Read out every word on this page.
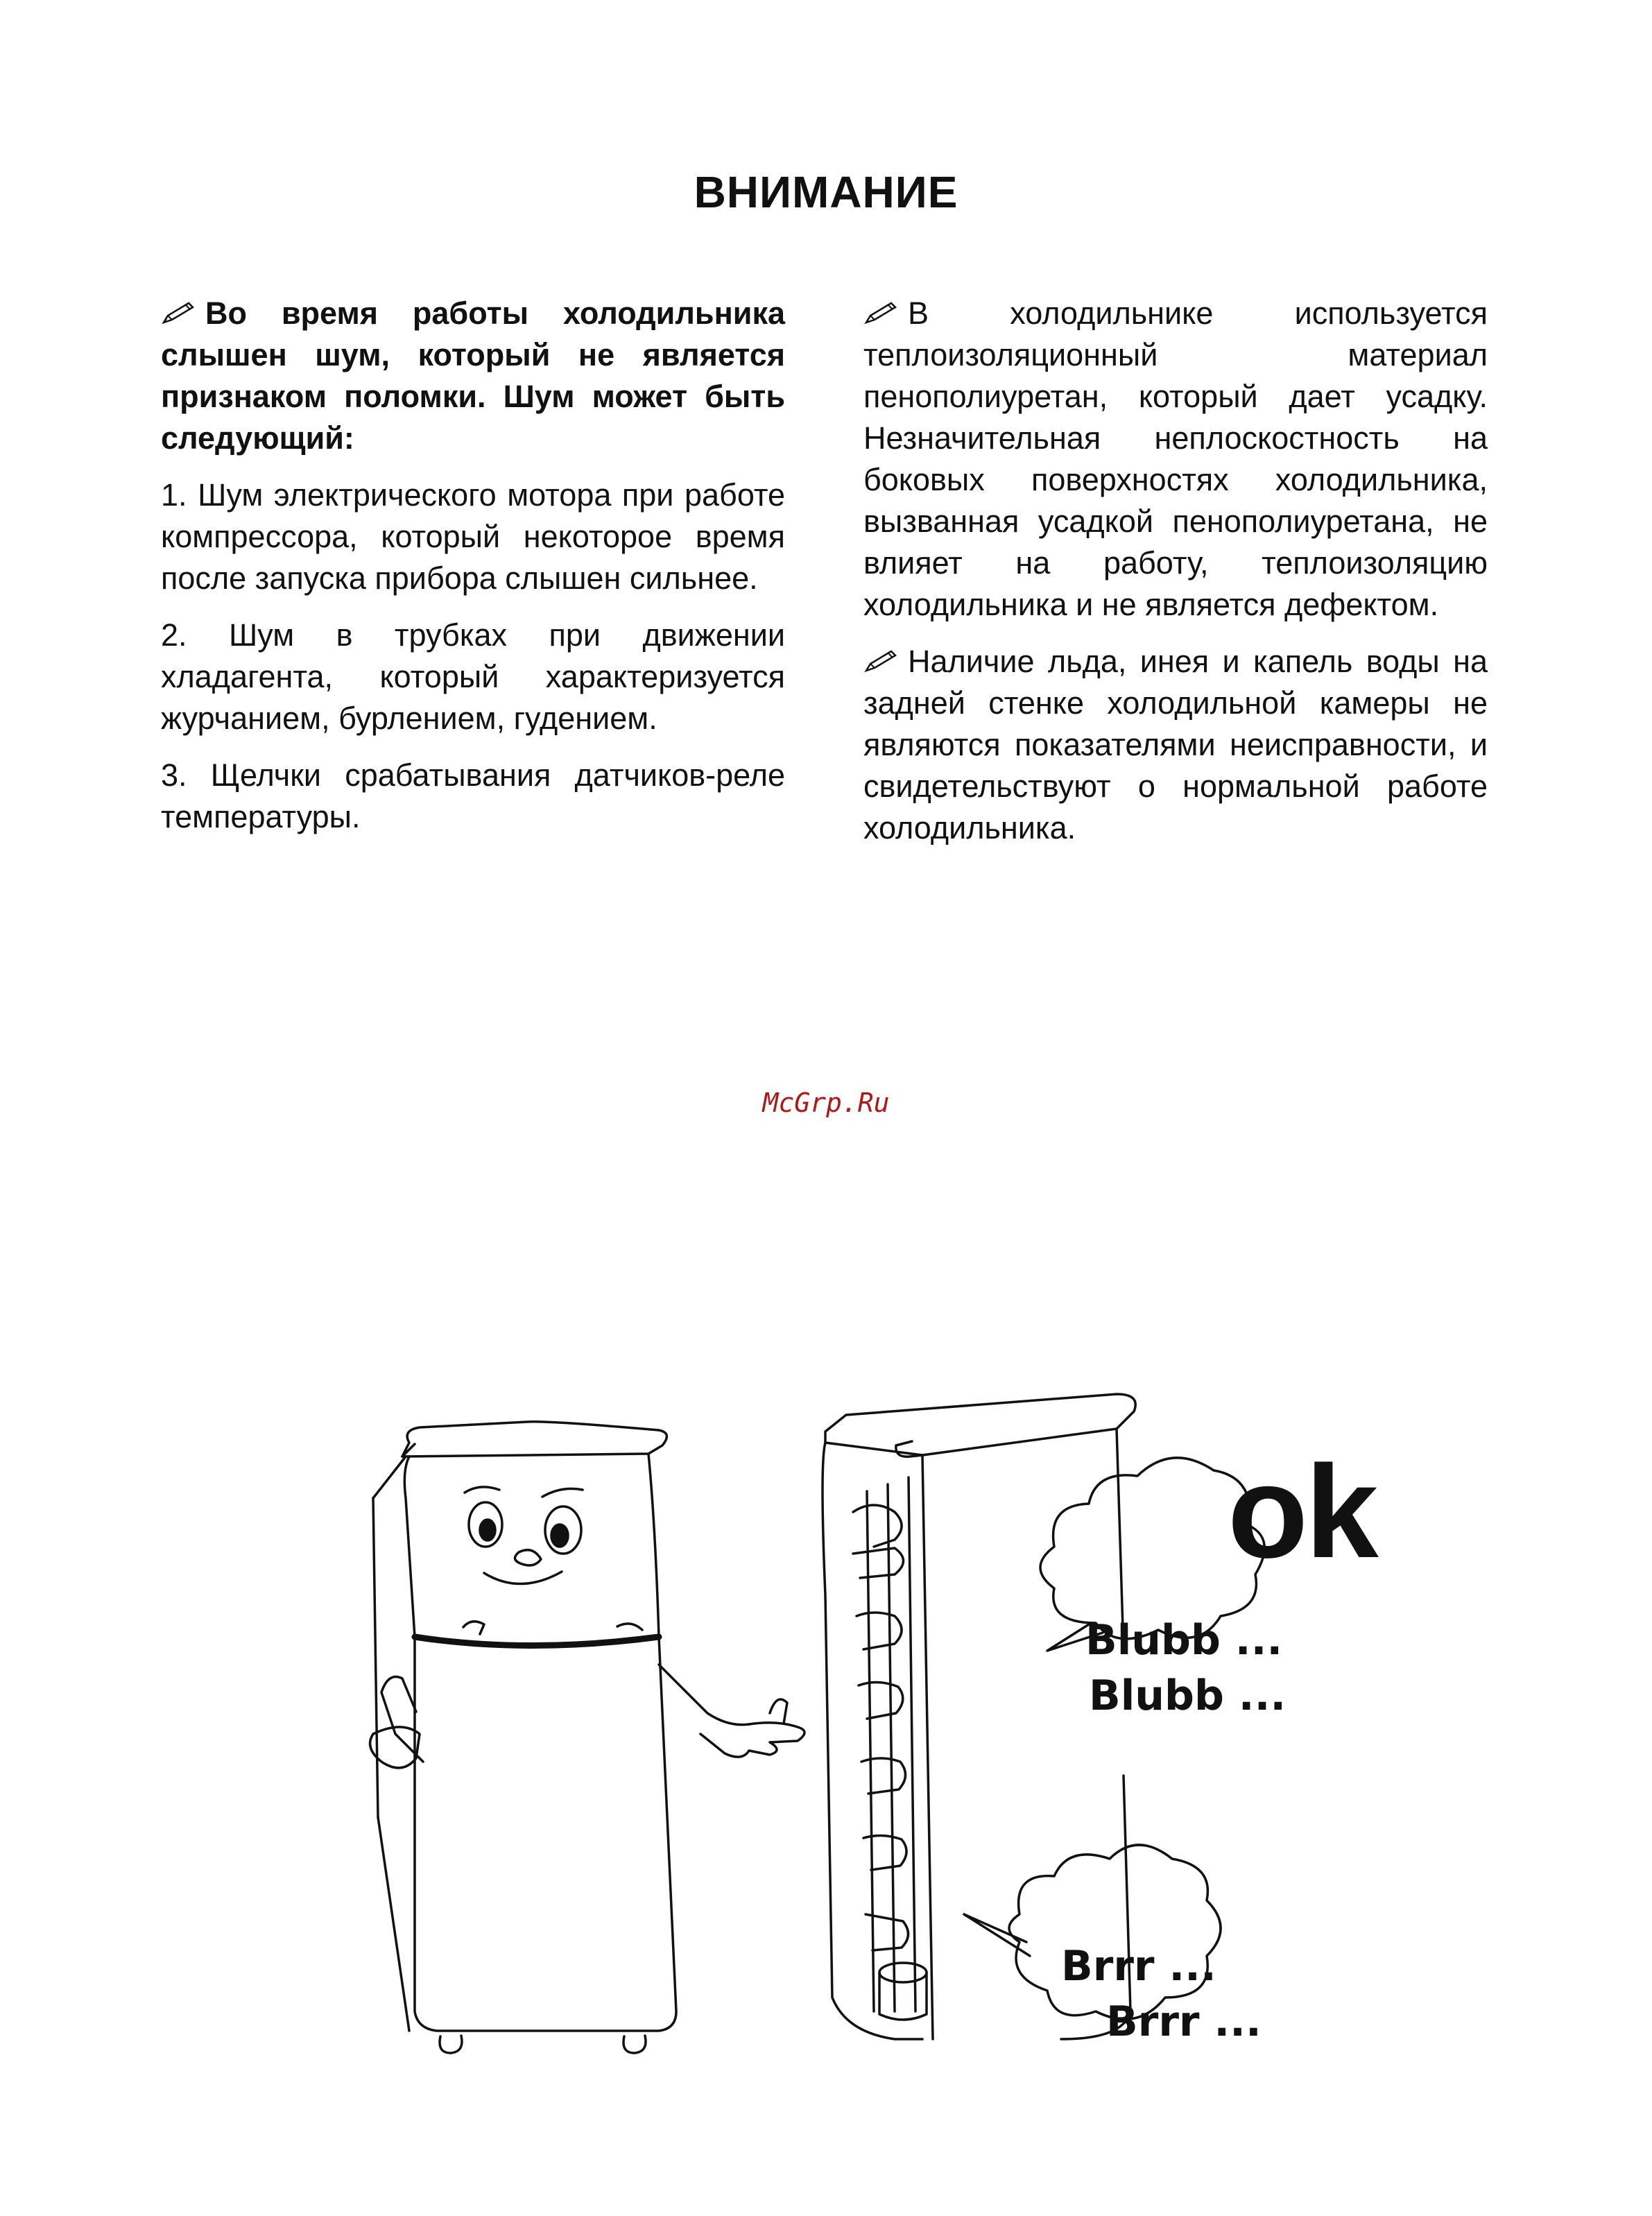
ВНИМАНИЕ

Во время работы холодильника слышен шум, который не является признаком поломки. Шум может быть следующий:

1. Шум электрического мотора при работе компрессора, который некоторое время после запуска прибора слышен сильнее.

2. Шум в трубках при движении хладагента, который характеризуется журчанием, бурлением, гудением.

3. Щелчки срабатывания датчиков-реле температуры.

В холодильнике используется теплоизоляционный материал пенополиуретан, который дает усадку. Незначительная неплоскостность на боковых поверхностях холодильника, вызванная усадкой пенополиуретана, не влияет на работу, теплоизоляцию холодильника и не является дефектом.

Наличие льда, инея и капель воды на задней стенке холодильной камеры не являются показателями неисправности, и свидетельствуют о нормальной работе холодильника.

McGrp.Ru
ok
Blubb ...
Blubb ...
Brrr ...
Brrr ...
